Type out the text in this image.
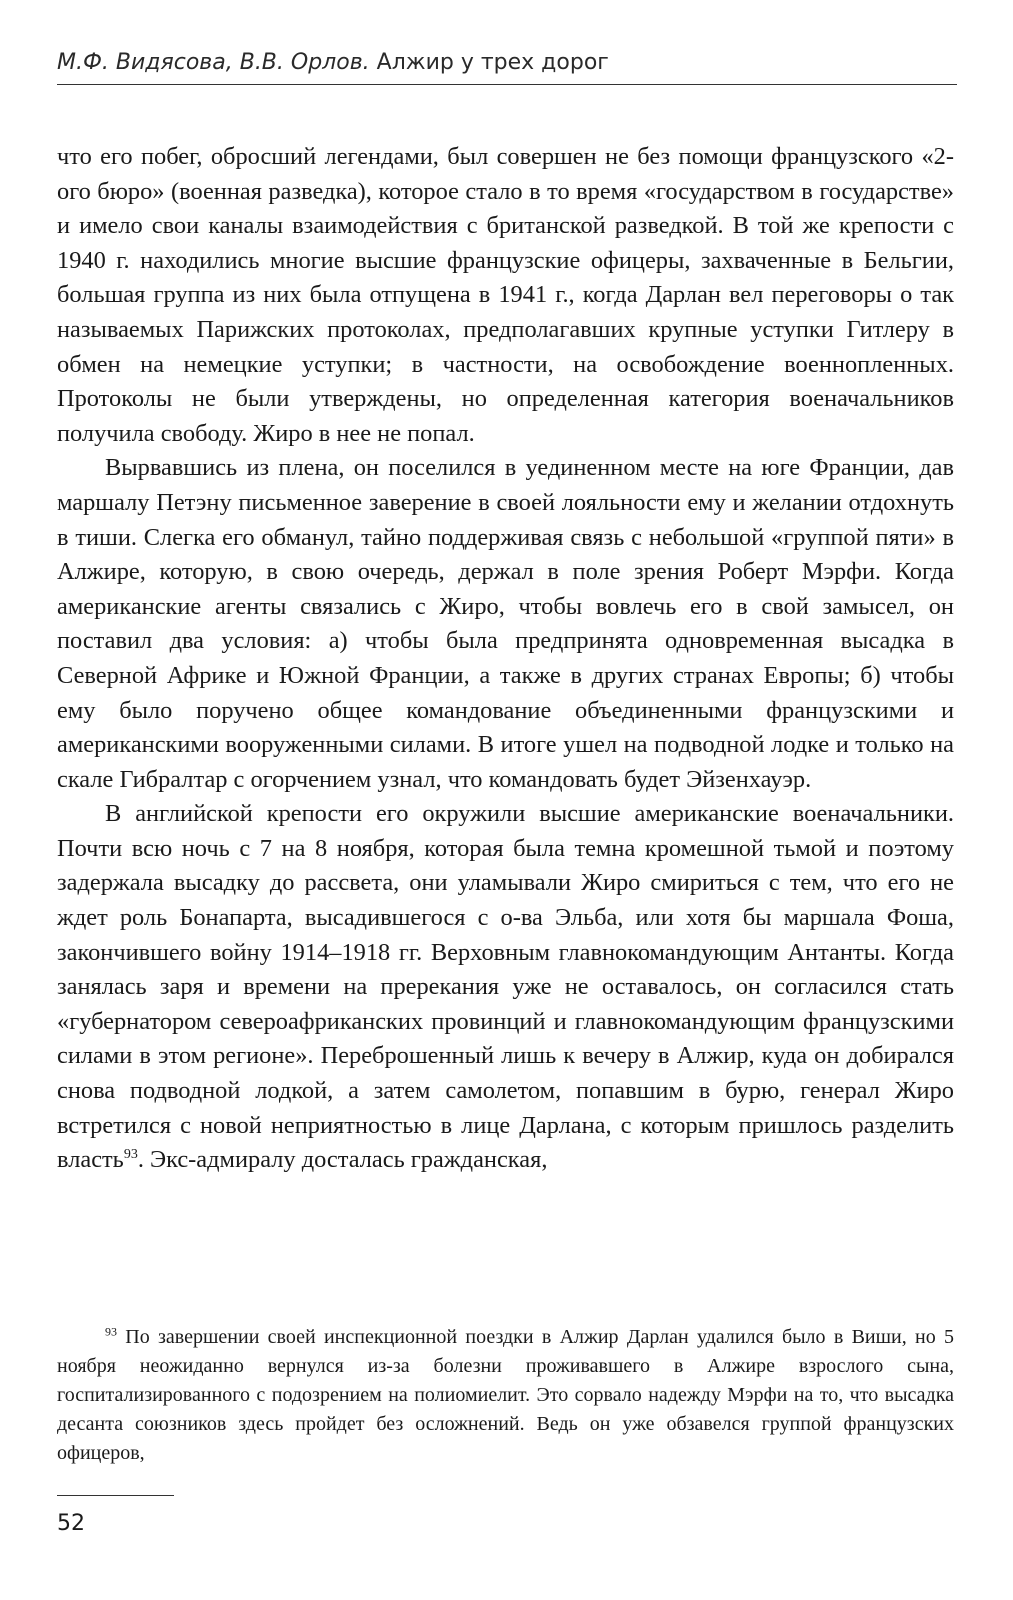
М.Ф. Видясова, В.В. Орлов. Алжир у трех дорог

что его побег, обросший легендами, был совершен не без помощи французского «2-ого бюро» (военная разведка), которое стало в то время «государством в государстве» и имело свои каналы взаимодействия с британской разведкой. В той же крепости с 1940 г. находились многие высшие французские офицеры, захваченные в Бельгии, большая группа из них была отпущена в 1941 г., когда Дарлан вел переговоры о так называемых Парижских протоколах, предполагавших крупные уступки Гитлеру в обмен на немецкие уступки; в частности, на освобождение военнопленных. Протоколы не были утверждены, но определенная категория военачальников получила свободу. Жиро в нее не попал.

Вырвавшись из плена, он поселился в уединенном месте на юге Франции, дав маршалу Петэну письменное заверение в своей лояльности ему и желании отдохнуть в тиши. Слегка его обманул, тайно поддерживая связь с небольшой «группой пяти» в Алжире, которую, в свою очередь, держал в поле зрения Роберт Мэрфи. Когда американские агенты связались с Жиро, чтобы вовлечь его в свой замысел, он поставил два условия: а) чтобы была предпринята одновременная высадка в Северной Африке и Южной Франции, а также в других странах Европы; б) чтобы ему было поручено общее командование объединенными французскими и американскими вооруженными силами. В итоге ушел на подводной лодке и только на скале Гибралтар с огорчением узнал, что командовать будет Эйзенхауэр.

В английской крепости его окружили высшие американские военачальники. Почти всю ночь с 7 на 8 ноября, которая была темна кромешной тьмой и поэтому задержала высадку до рассвета, они уламывали Жиро смириться с тем, что его не ждет роль Бонапарта, высадившегося с о-ва Эльба, или хотя бы маршала Фоша, закончившего войну 1914–1918 гг. Верховным главнокомандующим Антанты. Когда занялась заря и времени на пререкания уже не оставалось, он согласился стать «губернатором североафриканских провинций и главнокомандующим французскими силами в этом регионе». Переброшенный лишь к вечеру в Алжир, куда он добирался снова подводной лодкой, а затем самолетом, попавшим в бурю, генерал Жиро встретился с новой неприятностью в лице Дарлана, с которым пришлось разделить власть$^{93}$. Экс-адмиралу досталась гражданская,

$^{93}$ По завершении своей инспекционной поездки в Алжир Дарлан удалился было в Виши, но 5 ноября неожиданно вернулся из-за болезни проживавшего в Алжире взрослого сына, госпитализированного с подозрением на полиомиелит. Это сорвало надежду Мэрфи на то, что высадка десанта союзников здесь пройдет без осложнений. Ведь он уже обзавелся группой французских офицеров,
52
